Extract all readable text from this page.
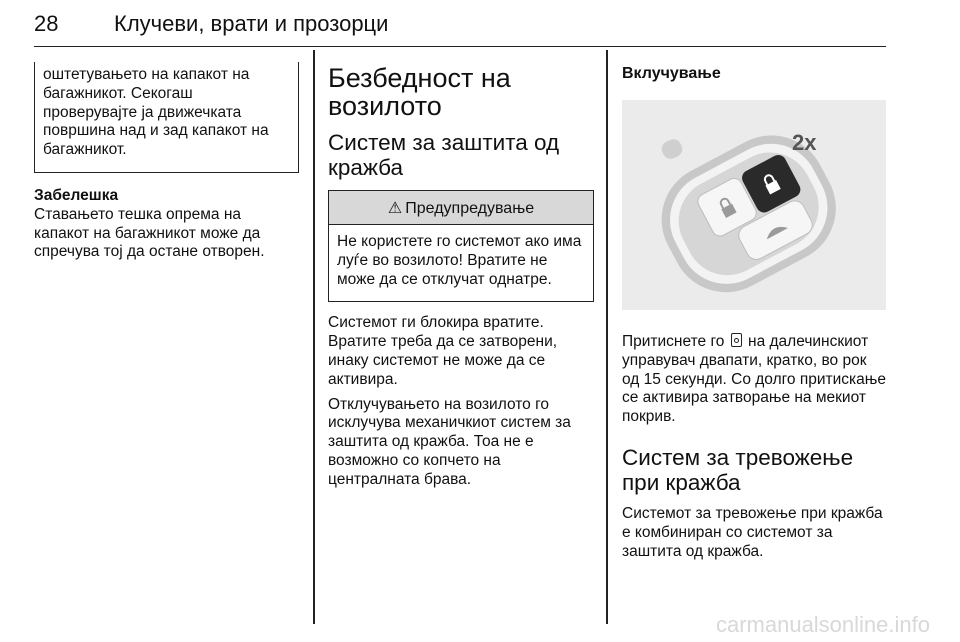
28	Клучеви, врати и прозорци

оштетувањето на капакот на багажникот. Секогаш проверувајте ја движечката површина над и зад капакот на багажникот.

Забелешка

Ставањето тешка опрема на капакот на багажникот може да спречува тој да остане отворен.

Безбедност на возилото
Систем за заштита од кражба
⚠ Предупредување

Не користете го системот ако има луѓе во возилото! Вратите не може да се отклучат однатре.

Системот ги блокира вратите. Вратите треба да се затворени, инаку системот не може да се активира.

Отклучувањето на возилото го исклучува механичкиот систем за заштита од кражба. Тоа не е возможно со копчето на централната брава.

Вклучување
2x

Притиснете го на далечинскиот управувач двапати, кратко, во рок од 15 секунди. Со долго притискање се активира затворање на мекиот покрив.

Систем за тревожење при кражба

Системот за тревожење при кражба е комбиниран со системот за заштита од кражба.

carmanualsonline.info
